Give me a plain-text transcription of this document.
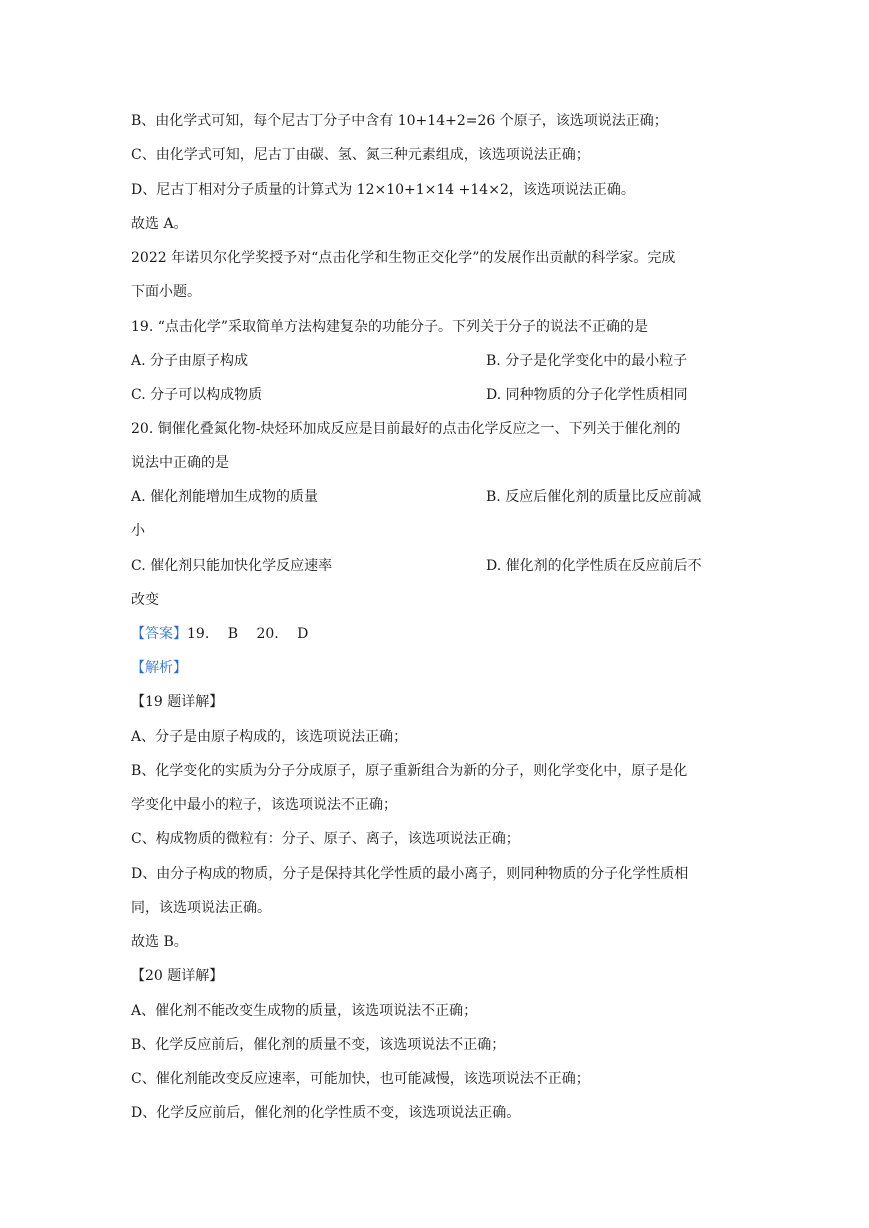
B、由化学式可知，每个尼古丁分子中含有 10+14+2=26 个原子，该选项说法正确；
C、由化学式可知，尼古丁由碳、氢、氮三种元素组成，该选项说法正确；
D、尼古丁相对分子质量的计算式为 12×10+1×14 +14×2，该选项说法正确。
故选 A。
2022 年诺贝尔化学奖授予对“点击化学和生物正交化学”的发展作出贡献的科学家。完成
下面小题。
19. “点击化学”采取简单方法构建复杂的功能分子。下列关于分子的说法不正确的是
A. 分子由原子构成	B. 分子是化学变化中的最小粒子
C. 分子可以构成物质	D. 同种物质的分子化学性质相同
20. 铜催化叠氮化物-炔烃环加成反应是目前最好的点击化学反应之一、下列关于催化剂的
说法中正确的是
A. 催化剂能增加生成物的质量	B. 反应后催化剂的质量比反应前减
小
C. 催化剂只能加快化学反应速率	D. 催化剂的化学性质在反应前后不
改变
【答案】19. B 20. D
【解析】
【19 题详解】
A、分子是由原子构成的，该选项说法正确；
B、化学变化的实质为分子分成原子，原子重新组合为新的分子，则化学变化中，原子是化
学变化中最小的粒子，该选项说法不正确；
C、构成物质的微粒有：分子、原子、离子，该选项说法正确；
D、由分子构成的物质，分子是保持其化学性质的最小离子，则同种物质的分子化学性质相
同，该选项说法正确。
故选 B。
【20 题详解】
A、催化剂不能改变生成物的质量，该选项说法不正确；
B、化学反应前后，催化剂的质量不变，该选项说法不正确；
C、催化剂能改变反应速率，可能加快，也可能减慢，该选项说法不正确；
D、化学反应前后，催化剂的化学性质不变，该选项说法正确。
